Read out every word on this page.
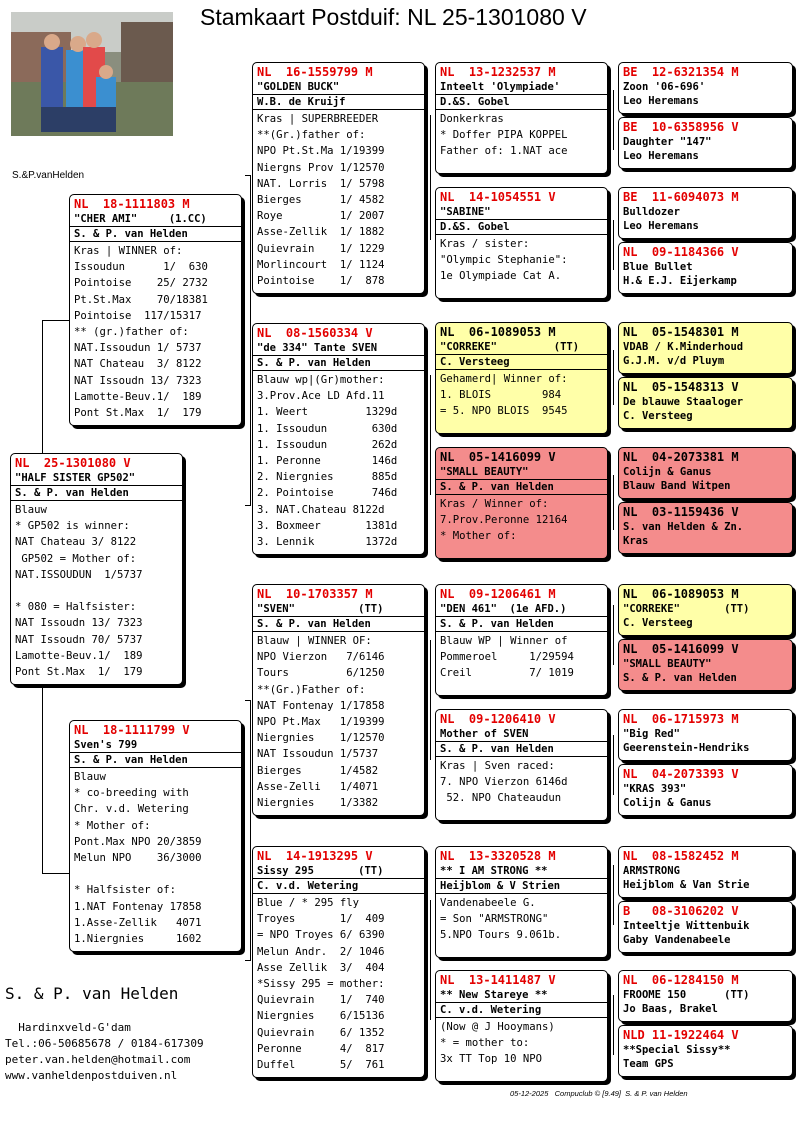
Stamkaart Postduif: NL 25-1301080 V
S.&P.vanHelden
NL  25-1301080 V
"HALF SISTER GP502"
S. & P. van Helden
Blauw
* GP502 is winner:
NAT Chateau 3/ 8122
GP502 = Mother of:
NAT.ISSOUDUN  1/5737

* 080 = Halfsister:
NAT Issoudn 13/ 7323
NAT Issoudn 70/ 5737
Lamotte-Beuv.1/  189
Pont St.Max  1/  179
NL  18-1111803 M
"CHER AMI"     (1.CC)
S. & P. van Helden
Kras | WINNER of:
Issoudun      1/  630
Pointoise    25/ 2732
Pt.St.Max    70/18381
Pointoise  117/15317
** (gr.)father of:
NAT.Issoudun 1/ 5737
NAT Chateau  3/ 8122
NAT Issoudn 13/ 7323
Lamotte-Beuv.1/  189
Pont St.Max  1/  179
NL  18-1111799 V
Sven's 799
S. & P. van Helden
Blauw
* co-breeding with
Chr. v.d. Wetering
* Mother of:
Pont.Max NPO 20/3859
Melun NPO    36/3000

* Halfsister of:
1.NAT Fontenay 17858
1.Asse-Zellik   4071
1.Niergnies     1602
NL  16-1559799 M
"GOLDEN BUCK"
W.B. de Kruijf
Kras | SUPERBREEDER
**(Gr.)father of:
NPO Pt.St.Ma 1/19399
Niergns Prov 1/12570
NAT. Lorris  1/ 5798
Bierges      1/ 4582
Roye         1/ 2007
Asse-Zellik  1/ 1882
Quievrain    1/ 1229
Morlincourt  1/ 1124
Pointoise    1/  878
NL  08-1560334 V
"de 334" Tante SVEN
S. & P. van Helden
Blauw wp|(Gr)mother:
3.Prov.Ace LD Afd.11
1. Weert         1329d
1. Issoudun       630d
1. Issoudun       262d
1. Peronne        146d
2. Niergnies      885d
2. Pointoise      746d
3. NAT.Chateau 8122d
3. Boxmeer       1381d
3. Lennik        1372d
NL  10-1703357 M
"SVEN"          (TT)
S. & P. van Helden
Blauw | WINNER OF:
NPO Vierzon   7/6146
Tours         6/1250
**(Gr.)Father of:
NAT Fontenay 1/17858
NPO Pt.Max   1/19399
Niergnies    1/12570
NAT Issoudun 1/5737
Bierges      1/4582
Asse-Zelli   1/4071
Niergnies    1/3382
NL  14-1913295 V
Sissy 295       (TT)
C. v.d. Wetering
Blue / * 295 fly
Troyes       1/  409
= NPO Troyes 6/ 6390
Melun Andr.  2/ 1046
Asse Zellik  3/  404
*Sissy 295 = mother:
Quievrain    1/  740
Niergnies    6/15136
Quievrain    6/ 1352
Peronne      4/  817
Duffel       5/  761
NL  13-1232537 M
Inteelt 'Olympiade'
D.&S. Gobel
Donkerkras
* Doffer PIPA KOPPEL
Father of: 1.NAT ace
NL  14-1054551 V
"SABINE"
D.&S. Gobel
Kras / sister:
"Olympic Stephanie":
1e Olympiade Cat A.
NL  06-1089053 M
"CORREKE"         (TT)
C. Versteeg
Gehamerd| Winner of:
1. BLOIS        984
= 5. NPO BLOIS  9545
NL  05-1416099 V
"SMALL BEAUTY"
S. & P. van Helden
Kras / Winner of:
7.Prov.Peronne 12164
* Mother of:
NL  09-1206461 M
"DEN 461"  (1e AFD.)
S. & P. van Helden
Blauw WP | Winner of
Pommeroel     1/29594
Creil         7/ 1019
NL  09-1206410 V
Mother of SVEN
S. & P. van Helden
Kras | Sven raced:
7. NPO Vierzon 6146d
52. NPO Chateaudun
NL  13-3320528 M
** I AM STRONG **
Heijblom & V Strien
Vandenabeele G.
= Son "ARMSTRONG"
5.NPO Tours 9.061b.
NL  13-1411487 V
** New Stareye **
C. v.d. Wetering
(Now @ J Hooymans)
* = mother to:
3x TT Top 10 NPO
BE  12-6321354 M
Zoon '06-696'
Leo Heremans
BE  10-6358956 V
Daughter "147"
Leo Heremans
BE  11-6094073 M
Bulldozer
Leo Heremans
NL  09-1184366 V
Blue Bullet
H.& E.J. Eijerkamp
NL  05-1548301 M
VDAB / K.Minderhoud
G.J.M. v/d Pluym
NL  05-1548313 V
De blauwe Staaloger
C. Versteeg
NL  04-2073381 M
Colijn & Ganus
Blauw Band Witpen
NL  03-1159436 V
S. van Helden & Zn.
Kras
NL  06-1089053 M
"CORREKE"       (TT)
C. Versteeg
NL  05-1416099 V
"SMALL BEAUTY"
S. & P. van Helden
NL  06-1715973 M
"Big Red"
Geerenstein-Hendriks
NL  04-2073393 V
"KRAS 393"
Colijn & Ganus
NL  08-1582452 M
ARMSTRONG
Heijblom & Van Strie
B   08-3106202 V
Inteeltje Wittenbuik
Gaby Vandenabeele
NL  06-1284150 M
FROOME 150      (TT)
Jo Baas, Brakel
NLD 11-1922464 V
**Special Sissy**
Team GPS
S. & P. van Helden
Hardinxveld-G'dam
Tel.:06-50685678 / 0184-617309
peter.van.helden@hotmail.com
www.vanheldenpostduiven.nl
05-12-2025   Compuclub © [9.49]  S. & P. van Helden
